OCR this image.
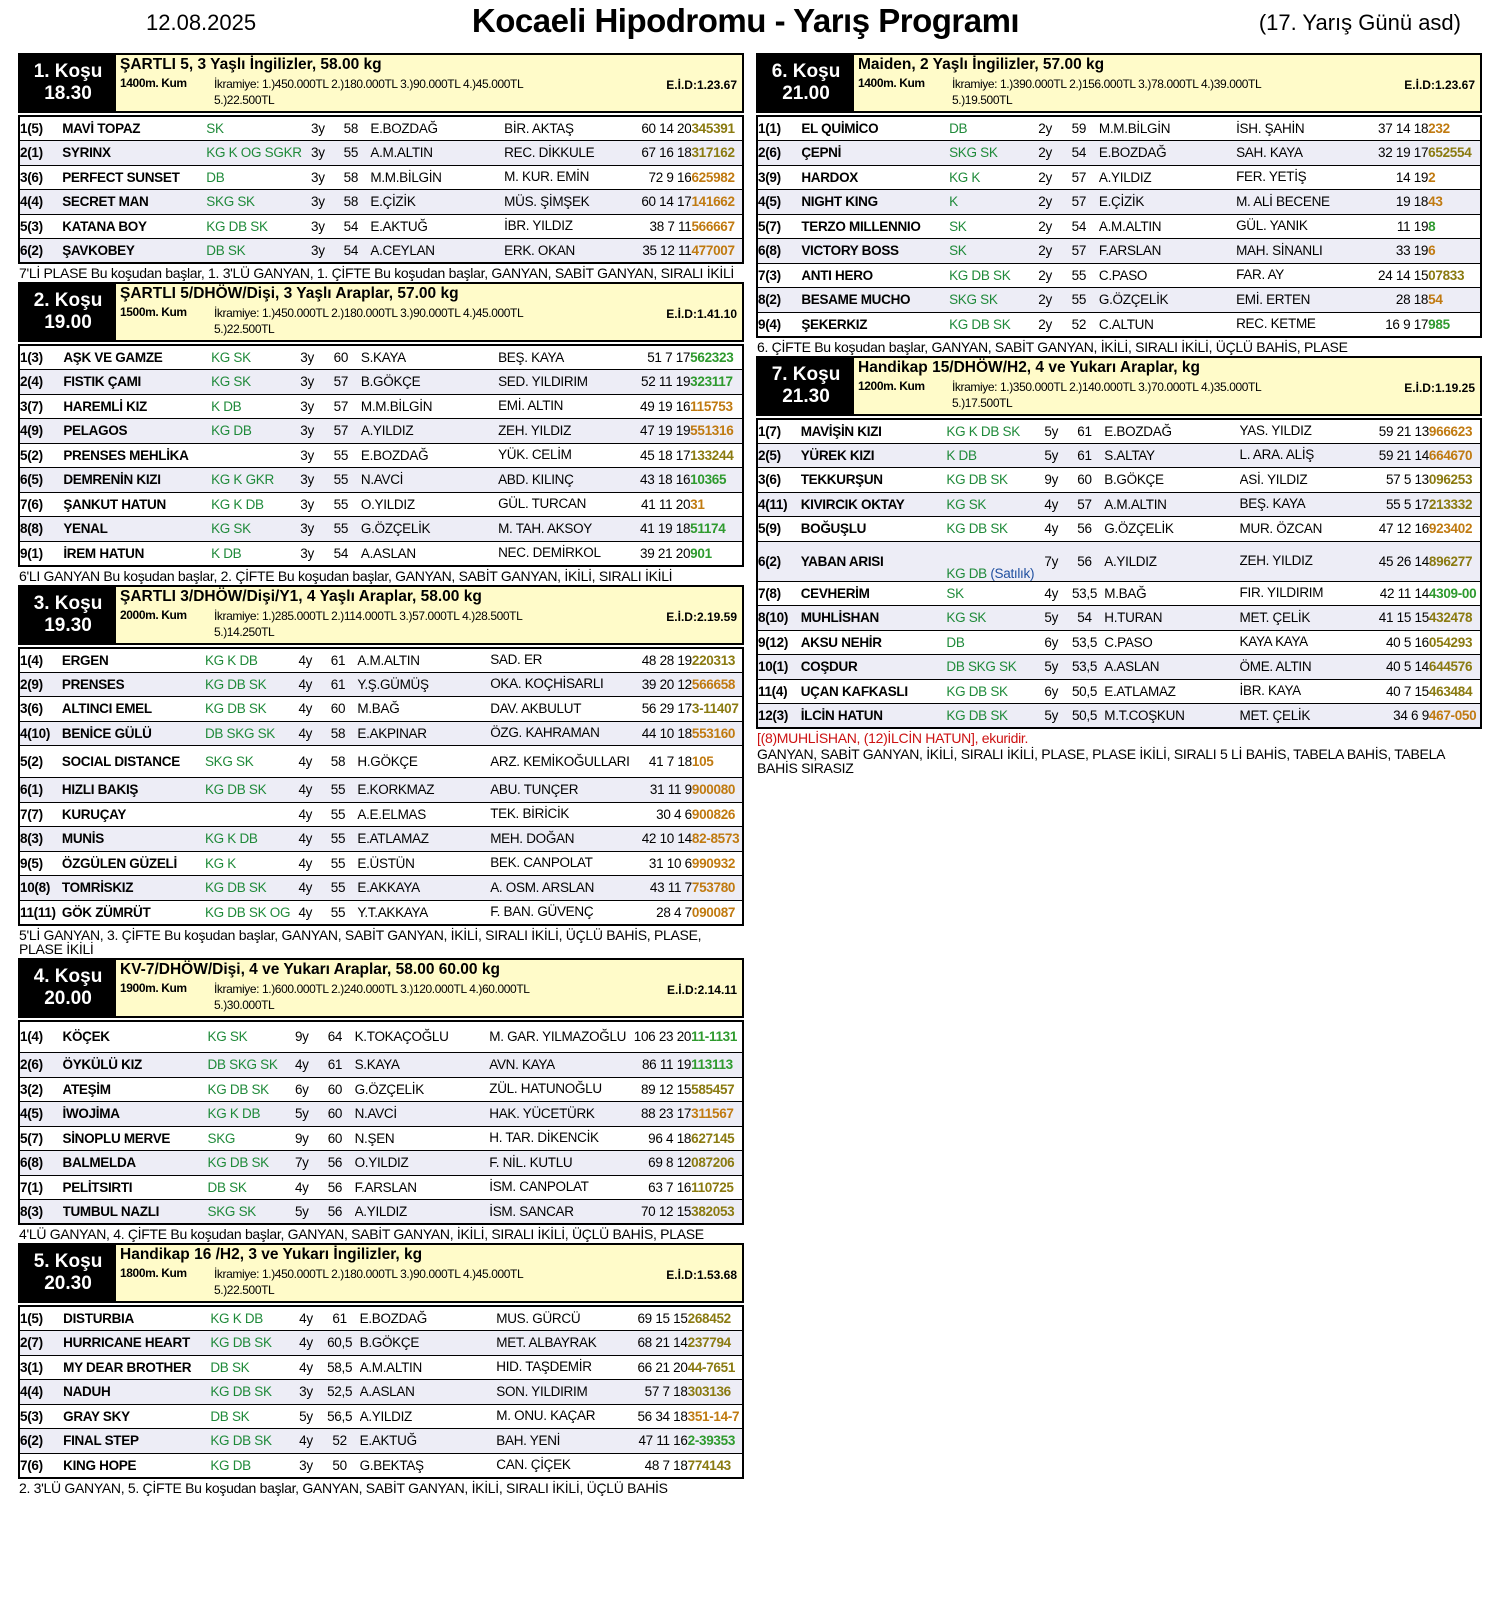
12.08.2025	Kocaeli Hipodromu - Yarış Programı	(17. Yarış Günü asd)
1. Koşu
18.30
ŞARTLI 5, 3 Yaşlı İngilizler, 58.00 kg
1400m. Kum İkramiye: 1.)450.000TL 2.)180.000TL 3.)90.000TL 4.)45.000TL
5.)22.500TL
E.İ.D:1.23.67
1(5)	MAVİ TOPAZ	SK	3y	58	E.BOZDAĞ	BİR. AKTAŞ	60 14 20	345391
2(1)	SYRINX	KG K OG SGKR	3y	55	A.M.ALTIN	REC. DİKKULE	67 16 18	317162
3(6)	PERFECT SUNSET	DB	3y	58	M.M.BİLGİN	M. KUR. EMİN	72 9 16	625982
4(4)	SECRET MAN	SKG SK	3y	58	E.ÇİZİK	MÜS. ŞİMŞEK	60 14 17	141662
5(3)	KATANA BOY	KG DB SK	3y	54	E.AKTUĞ	İBR. YILDIZ	38 7 11	566667
6(2)	ŞAVKOBEY	DB SK	3y	54	A.CEYLAN	ERK. OKAN	35 12 11	477007
7'Lİ PLASE Bu koşudan başlar, 1. 3'LÜ GANYAN, 1. ÇİFTE Bu koşudan başlar, GANYAN, SABİT GANYAN, SIRALI İKİLİ
2. Koşu
19.00
ŞARTLI 5/DHÖW/Dişi, 3 Yaşlı Araplar, 57.00 kg
1500m. Kum İkramiye: 1.)450.000TL 2.)180.000TL 3.)90.000TL 4.)45.000TL
5.)22.500TL
E.İ.D:1.41.10
1(3)	AŞK VE GAMZE	KG SK	3y	60	S.KAYA	BEŞ. KAYA	51 7 17	562323
2(4)	FISTIK ÇAMI	KG SK	3y	57	B.GÖKÇE	SED. YILDIRIM	52 11 19	323117
3(7)	HAREMLİ KIZ	K DB	3y	57	M.M.BİLGİN	EMİ. ALTIN	49 19 16	115753
4(9)	PELAGOS	KG DB	3y	57	A.YILDIZ	ZEH. YILDIZ	47 19 19	551316
5(2)	PRENSES MEHLİKA		3y	55	E.BOZDAĞ	YÜK. CELİM	45 18 17	133244
6(5)	DEMRENİN KIZI	KG K GKR	3y	55	N.AVCİ	ABD. KILINÇ	43 18 16	10365
7(6)	ŞANKUT HATUN	KG K DB	3y	55	O.YILDIZ	GÜL. TURCAN	41 11 20	31
8(8)	YENAL	KG SK	3y	55	G.ÖZÇELİK	M. TAH. AKSOY	41 19 18	51174
9(1)	İREM HATUN	K DB	3y	54	A.ASLAN	NEC. DEMİRKOL	39 21 20	901
6'LI GANYAN Bu koşudan başlar, 2. ÇİFTE Bu koşudan başlar, GANYAN, SABİT GANYAN, İKİLİ, SIRALI İKİLİ
3. Koşu
19.30
ŞARTLI 3/DHÖW/Dişi/Y1, 4 Yaşlı Araplar, 58.00 kg
2000m. Kum İkramiye: 1.)285.000TL 2.)114.000TL 3.)57.000TL 4.)28.500TL
5.)14.250TL
E.İ.D:2.19.59
1(4)	ERGEN	KG K DB	4y	61	A.M.ALTIN	SAD. ER	48 28 19	220313
2(9)	PRENSES	KG DB SK	4y	61	Y.Ş.GÜMÜŞ	OKA. KOÇHİSARLI	39 20 12	566658
3(6)	ALTINCI EMEL	KG DB SK	4y	60	M.BAĞ	DAV. AKBULUT	56 29 17	3-11407
4(10)	BENİCE GÜLÜ	DB SKG SK	4y	58	E.AKPINAR	ÖZG. KAHRAMAN	44 10 18	553160
5(2)	SOCIAL DISTANCE	SKG SK	4y	58	H.GÖKÇE	ARZ. KEMİKOĞULLARI	41 7 18	105
6(1)	HIZLI BAKIŞ	KG DB SK	4y	55	E.KORKMAZ	ABU. TUNÇER	31 11 9	900080
7(7)	KURUÇAY		4y	55	A.E.ELMAS	TEK. BİRİCİK	30 4 6	900826
8(3)	MUNİS	KG K DB	4y	55	E.ATLAMAZ	MEH. DOĞAN	42 10 14	82-8573
9(5)	ÖZGÜLEN GÜZELİ	KG K	4y	55	E.ÜSTÜN	BEK. CANPOLAT	31 10 6	990932
10(8)	TOMRİSKIZ	KG DB SK	4y	55	E.AKKAYA	A. OSM. ARSLAN	43 11 7	753780
11(11)	GÖK ZÜMRÜT	KG DB SK OG	4y	55	Y.T.AKKAYA	F. BAN. GÜVENÇ	28 4 7	090087
5'Lİ GANYAN, 3. ÇİFTE Bu koşudan başlar, GANYAN, SABİT GANYAN, İKİLİ, SIRALI İKİLİ, ÜÇLÜ BAHİS, PLASE, PLASE İKİLİ
4. Koşu
20.00
KV-7/DHÖW/Dişi, 4 ve Yukarı Araplar, 58.00 60.00 kg
1900m. Kum İkramiye: 1.)600.000TL 2.)240.000TL 3.)120.000TL 4.)60.000TL
5.)30.000TL
E.İ.D:2.14.11
1(4)	KÖÇEK	KG SK	9y	64	K.TOKAÇOĞLU	M. GAR. YILMAZOĞLU	106 23 20	11-1131
2(6)	ÖYKÜLÜ KIZ	DB SKG SK	4y	61	S.KAYA	AVN. KAYA	86 11 19	113113
3(2)	ATEŞİM	KG DB SK	6y	60	G.ÖZÇELİK	ZÜL. HATUNOĞLU	89 12 15	585457
4(5)	İWOJİMA	KG K DB	5y	60	N.AVCİ	HAK. YÜCETÜRK	88 23 17	311567
5(7)	SİNOPLU MERVE	SKG	9y	60	N.ŞEN	H. TAR. DİKENCİK	96 4 18	627145
6(8)	BALMELDA	KG DB SK	7y	56	O.YILDIZ	F. NİL. KUTLU	69 8 12	087206
7(1)	PELİTSIRTI	DB SK	4y	56	F.ARSLAN	İSM. CANPOLAT	63 7 16	110725
8(3)	TUMBUL NAZLI	SKG SK	5y	56	A.YILDIZ	İSM. SANCAR	70 12 15	382053
4'LÜ GANYAN, 4. ÇİFTE Bu koşudan başlar, GANYAN, SABİT GANYAN, İKİLİ, SIRALI İKİLİ, ÜÇLÜ BAHİS, PLASE
5. Koşu
20.30
Handikap 16 /H2, 3 ve Yukarı İngilizler, kg
1800m. Kum İkramiye: 1.)450.000TL 2.)180.000TL 3.)90.000TL 4.)45.000TL
5.)22.500TL
E.İ.D:1.53.68
1(5)	DISTURBIA	KG K DB	4y	61	E.BOZDAĞ	MUS. GÜRCÜ	69 15 15	268452
2(7)	HURRICANE HEART	KG DB SK	4y	60,5	B.GÖKÇE	MET. ALBAYRAK	68 21 14	237794
3(1)	MY DEAR BROTHER	DB SK	4y	58,5	A.M.ALTIN	HID. TAŞDEMİR	66 21 20	44-7651
4(4)	NADUH	KG DB SK	3y	52,5	A.ASLAN	SON. YILDIRIM	57 7 18	303136
5(3)	GRAY SKY	DB SK	5y	56,5	A.YILDIZ	M. ONU. KAÇAR	56 34 18	351-14-7
6(2)	FINAL STEP	KG DB SK	4y	52	E.AKTUĞ	BAH. YENİ	47 11 16	2-39353
7(6)	KING HOPE	KG DB	3y	50	G.BEKTAŞ	CAN. ÇİÇEK	48 7 18	774143
2. 3'LÜ GANYAN, 5. ÇİFTE Bu koşudan başlar, GANYAN, SABİT GANYAN, İKİLİ, SIRALI İKİLİ, ÜÇLÜ BAHİS
6. Koşu
21.00
Maiden, 2 Yaşlı İngilizler, 57.00 kg
1400m. Kum İkramiye: 1.)390.000TL 2.)156.000TL 3.)78.000TL 4.)39.000TL
5.)19.500TL
E.İ.D:1.23.67
1(1)	EL QUİMİCO	DB	2y	59	M.M.BİLGİN	İSH. ŞAHİN	37 14 18	232
2(6)	ÇEPNİ	SKG SK	2y	54	E.BOZDAĞ	SAH. KAYA	32 19 17	652554
3(9)	HARDOX	KG K	2y	57	A.YILDIZ	FER. YETİŞ	14 19	2
4(5)	NIGHT KING	K	2y	57	E.ÇİZİK	M. ALİ BECENE	19 18	43
5(7)	TERZO MILLENNIO	SK	2y	54	A.M.ALTIN	GÜL. YANIK	11 19	8
6(8)	VICTORY BOSS	SK	2y	57	F.ARSLAN	MAH. SİNANLI	33 19	6
7(3)	ANTI HERO	KG DB SK	2y	55	C.PASO	FAR. AY	24 14 15	07833
8(2)	BESAME MUCHO	SKG SK	2y	55	G.ÖZÇELİK	EMİ. ERTEN	28 18	54
9(4)	ŞEKERKIZ	KG DB SK	2y	52	C.ALTUN	REC. KETME	16 9 17	985
6. ÇİFTE Bu koşudan başlar, GANYAN, SABİT GANYAN, İKİLİ, SIRALI İKİLİ, ÜÇLÜ BAHİS, PLASE
7. Koşu
21.30
Handikap 15/DHÖW/H2, 4 ve Yukarı Araplar, kg
1200m. Kum İkramiye: 1.)350.000TL 2.)140.000TL 3.)70.000TL 4.)35.000TL
5.)17.500TL
E.İ.D:1.19.25
1(7)	MAVİŞİN KIZI	KG K DB SK	5y	61	E.BOZDAĞ	YAS. YILDIZ	59 21 13	966623
2(5)	YÜREK KIZI	K DB	5y	61	S.ALTAY	L. ARA. ALİŞ	59 21 14	664670
3(6)	TEKKURŞUN	KG DB SK	9y	60	B.GÖKÇE	ASİ. YILDIZ	57 5 13	096253
4(11)	KIVIRCIK OKTAY	KG SK	4y	57	A.M.ALTIN	BEŞ. KAYA	55 5 17	213332
5(9)	BOĞUŞLU	KG DB SK	4y	56	G.ÖZÇELİK	MUR. ÖZCAN	47 12 16	923402
6(2)	YABAN ARISI	KG DB (Satılık)	7y	56	A.YILDIZ	ZEH. YILDIZ	45 26 14	896277
7(8)	CEVHERİM	SK	4y	53,5	M.BAĞ	FIR. YILDIRIM	42 11 14	4309-00
8(10)	MUHLİSHAN	KG SK	5y	54	H.TURAN	MET. ÇELİK	41 15 15	432478
9(12)	AKSU NEHİR	DB	6y	53,5	C.PASO	KAYA KAYA	40 5 16	054293
10(1)	COŞDUR	DB SKG SK	5y	53,5	A.ASLAN	ÖME. ALTIN	40 5 14	644576
11(4)	UÇAN KAFKASLI	KG DB SK	6y	50,5	E.ATLAMAZ	İBR. KAYA	40 7 15	463484
12(3)	İLCİN HATUN	KG DB SK	5y	50,5	M.T.COŞKUN	MET. ÇELİK	34 6 9	467-050
[(8)MUHLİSHAN, (12)İLCİN HATUN], ekuridir.
GANYAN, SABİT GANYAN, İKİLİ, SIRALI İKİLİ, PLASE, PLASE İKİLİ, SIRALI 5 Lİ BAHİS, TABELA BAHİS, TABELA BAHİS SIRASIZ
